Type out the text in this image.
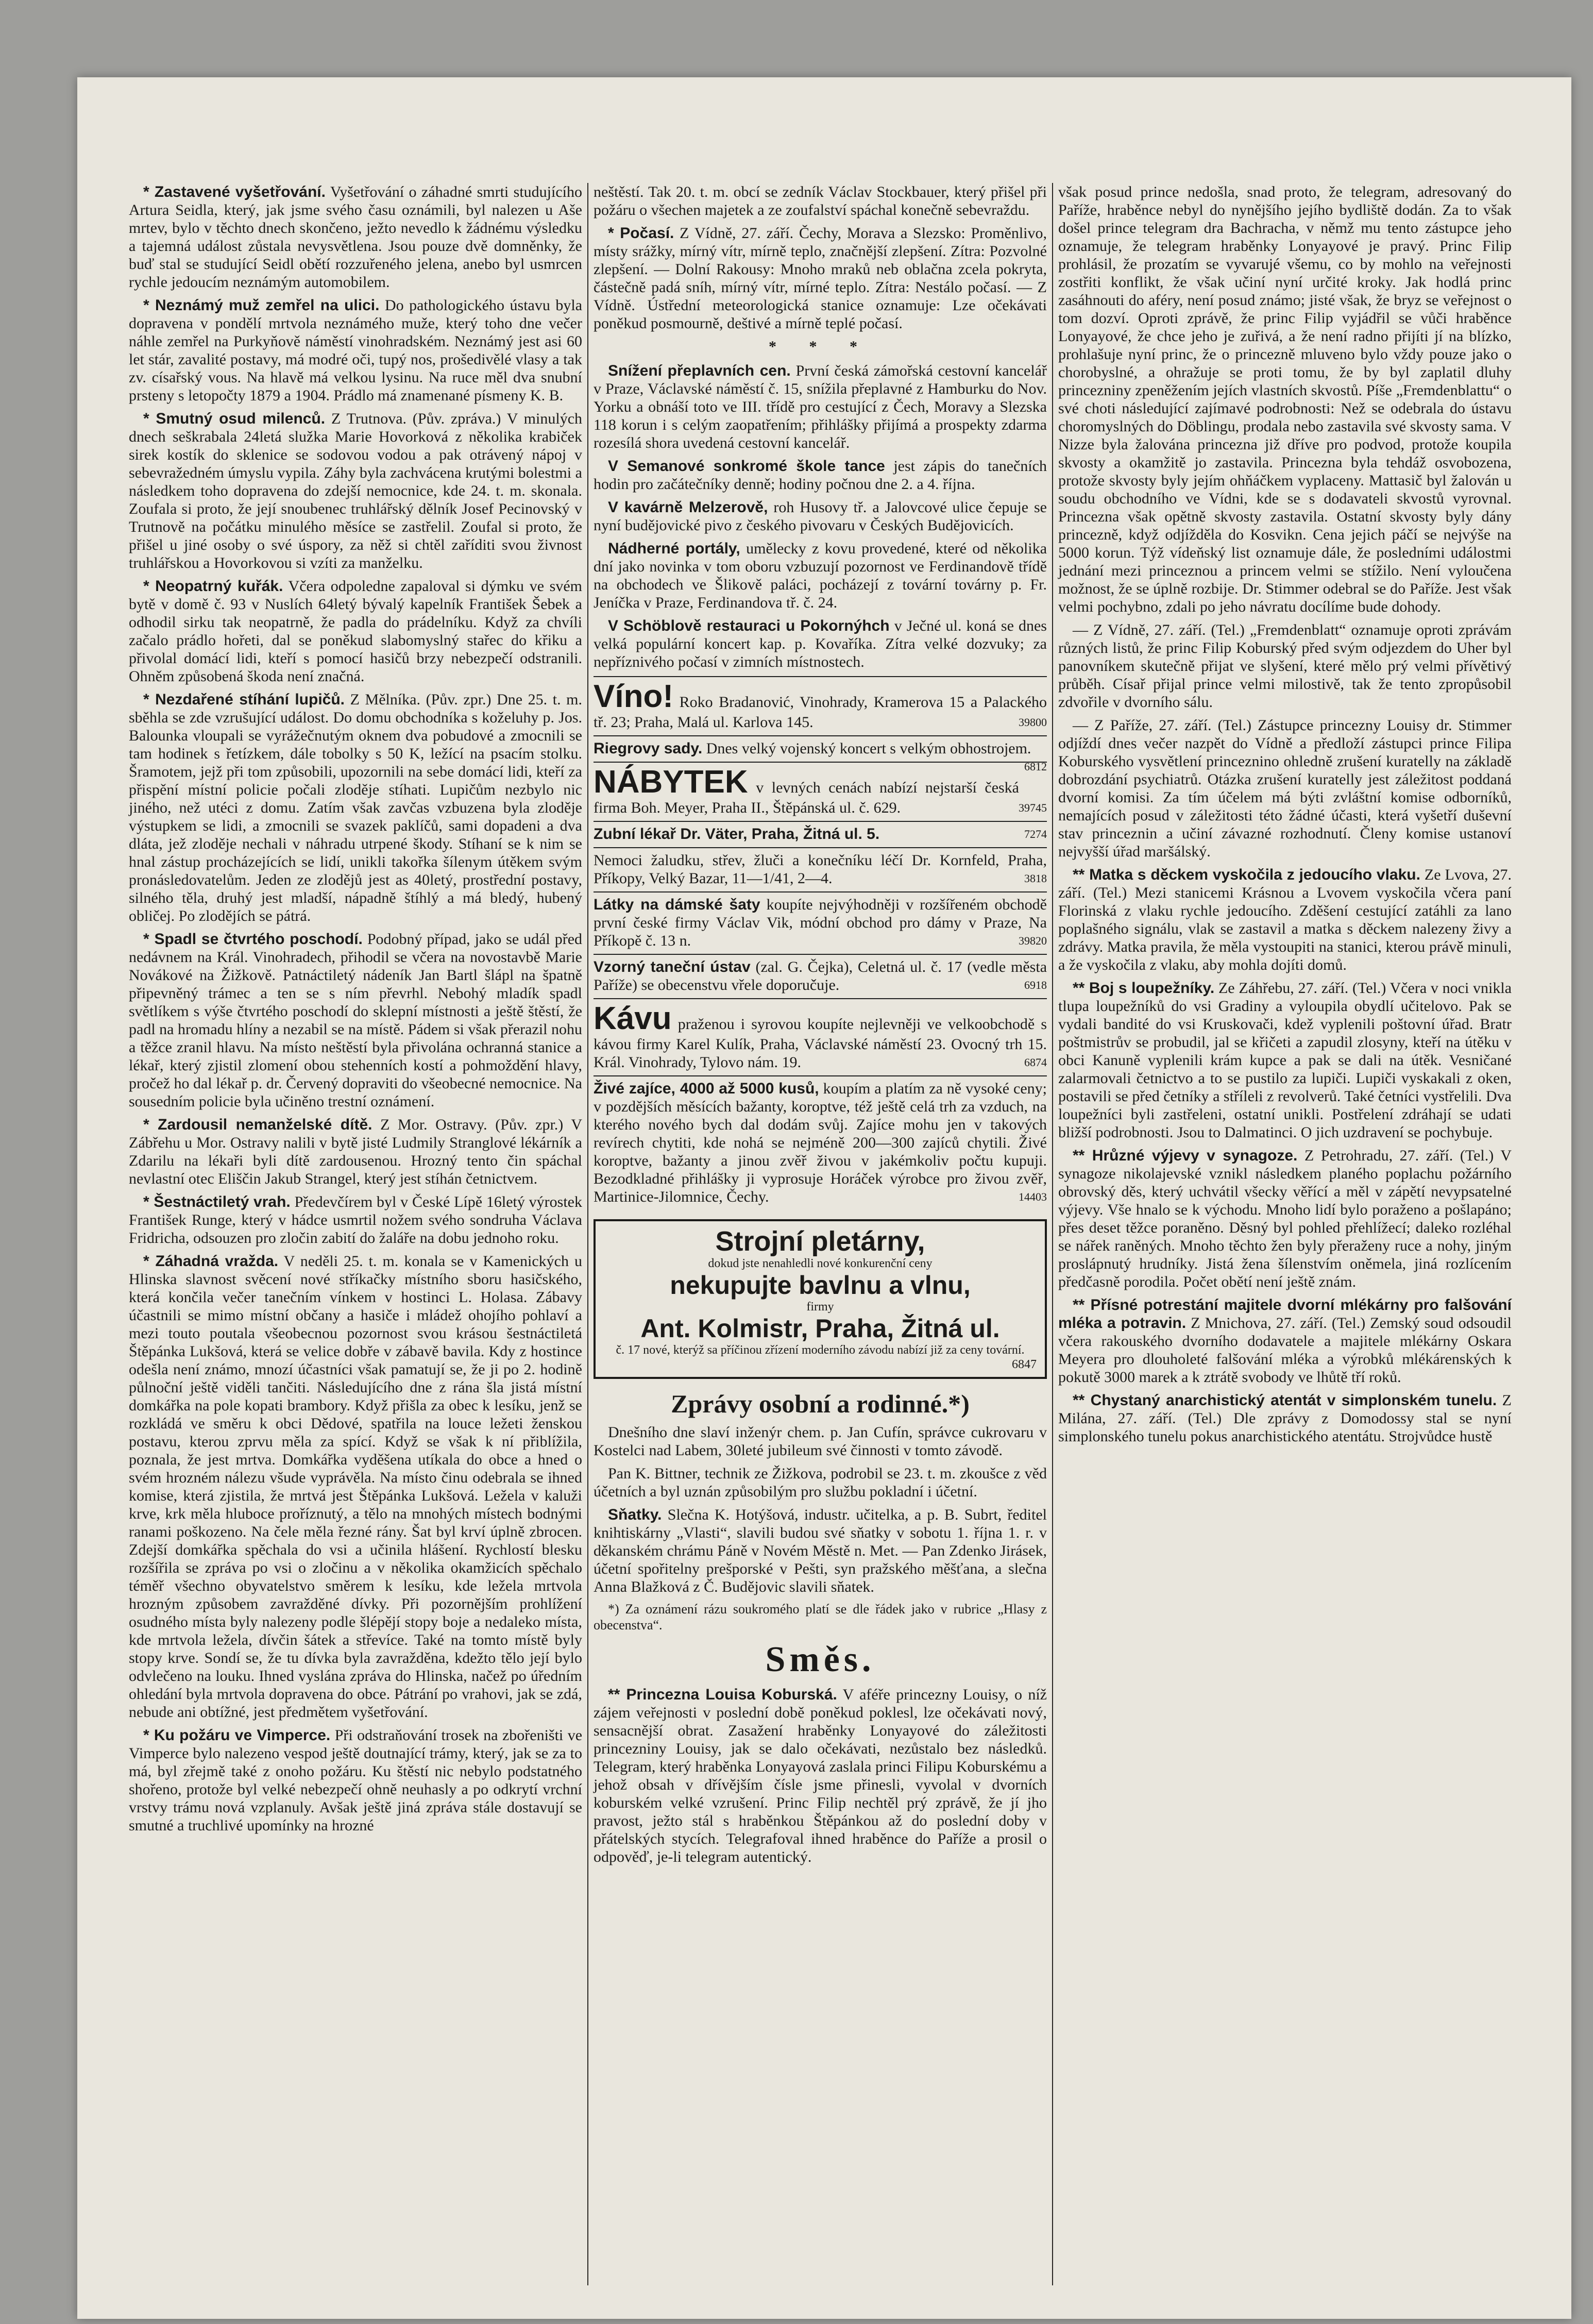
* Zastavené vyšetřování. Vyšetřování o záhadné smrti studujícího Artura Seidla, který, jak jsme svého času oznámili, byl nalezen u Aše mrtev, bylo v těchto dnech skončeno, ježto nevedlo k žádnému výsledku a tajemná událost zůstala nevysvětlena. Jsou pouze dvě domněnky, že buď stal se studující Seidl obětí rozzuřeného jelena, anebo byl usmrcen rychle jedoucím neznámým automobilem.

* Neznámý muž zemřel na ulici. Do pathologického ústavu byla dopravena v pondělí mrtvola neznámého muže, který toho dne večer náhle zemřel na Purkyňově náměstí vinohradském. Neznámý jest asi 60 let stár, zavalité postavy, má modré oči, tupý nos, prošedivělé vlasy a tak zv. císařský vous. Na hlavě má velkou lysinu. Na ruce měl dva snubní prsteny s letopočty 1879 a 1904. Prádlo má znamenané písmeny K. B.

* Smutný osud milenců. Z Trutnova. (Pův. zpráva.) V minulých dnech seškrabala 24letá služka Marie Hovorková z několika krabiček sirek kostík do sklenice se sodovou vodou a pak otrávený nápoj v sebevražedném úmyslu vypila. Záhy byla zachvácena krutými bolestmi a následkem toho dopravena do zdejší nemocnice, kde 24. t. m. skonala. Zoufala si proto, že její snoubenec truhlářský dělník Josef Pecinovský v Trutnově na počátku minulého měsíce se zastřelil. Zoufal si proto, že přišel u jiné osoby o své úspory, za něž si chtěl zaříditi svou živnost truhlářskou a Hovorkovou si vzíti za manželku.

* Neopatrný kuřák. Včera odpoledne zapaloval si dýmku ve svém bytě v domě č. 93 v Nuslích 64letý bývalý kapelník František Šebek a odhodil sirku tak neopatrně, že padla do prádelníku. Když za chvíli začalo prádlo hořeti, dal se poněkud slabomyslný stařec do křiku a přivolal domácí lidi, kteří s pomocí hasičů brzy nebezpečí odstranili. Ohněm způsobená škoda není značná.

* Nezdařené stíhání lupičů. Z Mělníka. (Pův. zpr.) Dne 25. t. m. sběhla se zde vzrušující událost. Do domu obchodníka s koželuhy p. Jos. Balounka vloupali se vyrážečnutým oknem dva pobudové a zmocnili se tam hodinek s řetízkem, dále tobolky s 50 K, ležící na psacím stolku. Šramotem, jejž při tom způsobili, upozornili na sebe domácí lidi, kteří za přispění místní policie počali zloděje stíhati. Lupičům nezbylo nic jiného, než utéci z domu. Zatím však zavčas vzbuzena byla zloděje výstupkem se lidi, a zmocnili se svazek paklíčů, sami dopadeni a dva dláta, jež zloděje nechali v náhradu utrpené škody. Stíhaní se k nim se hnal zástup procházejících se lidí, unikli takořka šílenym útěkem svým pronásledovatelům. Jeden ze zlodějů jest as 40letý, prostřední postavy, silného těla, druhý jest mladší, nápadně štíhlý a má bledý, hubený obličej. Po zlodějích se pátrá.

* Spadl se čtvrtého poschodí. Podobný případ, jako se udál před nedávnem na Král. Vinohradech, přihodil se včera na novostavbě Marie Novákové na Žižkově. Patnáctiletý nádeník Jan Bartl šlápl na špatně připevněný trámec a ten se s ním převrhl. Nebohý mladík spadl světlíkem s výše čtvrtého poschodí do sklepní místnosti a ještě štěstí, že padl na hromadu hlíny a nezabil se na místě. Pádem si však přerazil nohu a těžce zranil hlavu. Na místo neštěstí byla přivolána ochranná stanice a lékař, který zjistil zlomení obou stehenních kostí a pohmoždění hlavy, pročež ho dal lékař p. dr. Červený dopraviti do všeobecné nemocnice. Na sousedním policie byla učiněno trestní oznámení.

* Zardousil nemanželské dítě. Z Mor. Ostravy. (Pův. zpr.) V Zábřehu u Mor. Ostravy nalili v bytě jisté Ludmily Stranglové lékárník a Zdarilu na lékaři byli dítě zardousenou. Hrozný tento čin spáchal nevlastní otec Eliščin Jakub Strangel, který jest stíhán četnictvem.

* Šestnáctiletý vrah. Předevčírem byl v České Lípě 16letý výrostek František Runge, který v hádce usmrtil nožem svého sondruha Václava Fridricha, odsouzen pro zločin zabití do žaláře na dobu jednoho roku.

* Záhadná vražda. V neděli 25. t. m. konala se v Kamenických u Hlinska slavnost svěcení nové stříkačky místního sboru hasičského, která končila večer tanečním vínkem v hostinci L. Holasa. Zábavy účastnili se mimo místní občany a hasiče i mládež ohojího pohlaví a mezi touto poutala všeobecnou pozornost svou krásou šestnáctiletá Štěpánka Lukšová, která se velice dobře v zábavě bavila. Kdy z hostince odešla není známo, mnozí účastníci však pamatují se, že ji po 2. hodině půlnoční ještě viděli tančiti. Následujícího dne z rána šla jistá místní domkářka na pole kopati brambory. Když přišla za obec k lesíku, jenž se rozkládá ve směru k obci Dědové, spatřila na louce ležeti ženskou postavu, kterou zprvu měla za spící. Když se však k ní přiblížila, poznala, že jest mrtva. Domkářka vyděšena utíkala do obce a hned o svém hrozném nálezu všude vyprávěla. Na místo činu odebrala se ihned komise, která zjistila, že mrtvá jest Štěpánka Lukšová. Ležela v kaluži krve, krk měla hluboce proříznutý, a tělo na mnohých místech bodnými ranami poškozeno. Na čele měla řezné rány. Šat byl krví úplně zbrocen. Zdejší domkářka spěchala do vsi a učinila hlášení. Rychlostí blesku rozšířila se zpráva po vsi o zločinu a v několika okamžicích spěchalo téměř všechno obyvatelstvo směrem k lesíku, kde ležela mrtvola hrozným způsobem zavražděné dívky. Při pozornějším prohlížení osudného místa byly nalezeny podle šlépějí stopy boje a nedaleko místa, kde mrtvola ležela, dívčin šátek a střevíce. Také na tomto místě byly stopy krve. Sondí se, že tu dívka byla zavražděna, kdežto tělo její bylo odvlečeno na louku. Ihned vyslána zpráva do Hlinska, načež po úředním ohledání byla mrtvola dopravena do obce. Pátrání po vrahovi, jak se zdá, nebude ani obtížné, jest předmětem vyšetřování.

* Ku požáru ve Vimperce. Při odstraňování trosek na zbořeništi ve Vimperce bylo nalezeno vespod ještě doutnající trámy, který, jak se za to má, byl zřejmě také z onoho požáru. Ku štěstí nic nebylo podstatného shořeno, protože byl velké nebezpečí ohně neuhasly a po odkrytí vrchní vrstvy trámu nová vzplanuly. Avšak ještě jiná zpráva stále dostavují se smutné a truchlivé upomínky na hrozné

neštěstí. Tak 20. t. m. obcí se zedník Václav Stockbauer, který přišel při požáru o všechen majetek a ze zoufalství spáchal konečně sebevraždu.

* Počasí. Z Vídně, 27. září. Čechy, Morava a Slezsko: Proměnlivo, místy srážky, mírný vítr, mírně teplo, značnější zlepšení. Zítra: Pozvolné zlepšení. — Dolní Rakousy: Mnoho mraků neb oblačna zcela pokryta, částečně padá sníh, mírný vítr, mírné teplo. Zítra: Nestálo počasí. — Z Vídně. Ústřední meteorologická stanice oznamuje: Lze očekávati poněkud posmourně, deštivé a mírně teplé počasí.

* * *

Snížení přeplavních cen. První česká zámořská cestovní kancelář v Praze, Václavské náměstí č. 15, snížila přeplavné z Hamburku do Nov. Yorku a obnáší toto ve III. třídě pro cestující z Čech, Moravy a Slezska 118 korun i s celým zaopatřením; přihlášky přijímá a prospekty zdarma rozesílá shora uvedená cestovní kancelář.

V Semanové sonkromé škole tance jest zápis do tanečních hodin pro začátečníky denně; hodiny počnou dne 2. a 4. října.

V kavárně Melzerově, roh Husovy tř. a Jalovcové ulice čepuje se nyní budějovické pivo z českého pivovaru v Českých Budějovicích.

Nádherné portály, umělecky z kovu provedené, které od několika dní jako novinka v tom oboru vzbuzují pozornost ve Ferdinandově třídě na obchodech ve Šlikově paláci, pocházejí z tovární továrny p. Fr. Jeníčka v Praze, Ferdinandova tř. č. 24.

V Schöblově restauraci u Pokornýhch v Ječné ul. koná se dnes velká populární koncert kap. p. Kovaříka. Zítra velké dozvuky; za nepříznivého počasí v zimních místnostech.

Víno! Roko Bradanović, Vinohrady, Kramerova 15 a Palackého tř. 23; Praha, Malá ul. Karlova 145.	39800
Riegrovy sady. Dnes velký vojenský koncert s velkým obhostrojem.
6812
NÁBYTEK v levných cenách nabízí nejstarší česká firma Boh. Meyer, Praha II., Štěpánská ul. č. 629.	39745
Zubní lékař Dr. Väter, Praha, Žitná ul. 5.	7274
Nemoci žaludku, střev, žluči a konečníku léčí Dr. Kornfeld, Praha, Příkopy, Velký Bazar, 11—1/41, 2—4.	3818
Látky na dámské šaty koupíte nejvýhodněji v rozšířeném obchodě první české firmy Václav Vik, módní obchod pro dámy v Praze, Na Příkopě č. 13 n.	39820
Vzorný taneční ústav (zal. G. Čejka), Celetná ul. č. 17 (vedle města Paříže) se obecenstvu vřele doporučuje.	6918
Kávu praženou i syrovou koupíte nejlevněji ve velkoobchodě s kávou firmy Karel Kulík, Praha, Václavské náměstí 23. Ovocný trh 15. Král. Vinohrady, Tylovo nám. 19.	6874
Živé zajíce, 4000 až 5000 kusů, koupím a platím za ně vysoké ceny; v pozdějších měsících bažanty, koroptve, též ještě celá trh za vzduch, na kterého nového bych dal dodám svůj. Zajíce mohu jen v takových revírech chytiti, kde nohá se nejméně 200—300 zajíců chytili. Živé koroptve, bažanty a jinou zvěř živou v jakémkoliv počtu kupuji. Bezodkladné přihlášky ji vyprosuje Horáček výrobce pro živou zvěř, Martinice-Jilomnice, Čechy.	14403
Strojní pletárny,
dokud jste nenahledli nové konkurenční ceny
nekupujte bavlnu a vlnu,
firmy
Ant. Kolmistr, Praha, Žitná ul.
č. 17 nové, kterýž sa příčinou zřízení moderního závodu nabízí již za ceny tovární.
6847
Zprávy osobní a rodinné.*)

Dnešního dne slaví inženýr chem. p. Jan Cufín, správce cukrovaru v Kostelci nad Labem, 30leté jubileum své činnosti v tomto závodě.

Pan K. Bittner, technik ze Žižkova, podrobil se 23. t. m. zkoušce z věd účetních a byl uznán způsobilým pro službu pokladní i účetní.

Sňatky. Slečna K. Hotýšová, industr. učitelka, a p. B. Subrt, ředitel knihtiskárny „Vlasti“, slavili budou své sňatky v sobotu 1. října 1. r. v děkanském chrámu Páně v Novém Městě n. Met. — Pan Zdenko Jirásek, účetní spořitelny prešporské v Pešti, syn pražského měšťana, a slečna Anna Blažková z Č. Budějovic slavili sňatek.

*) Za oznámení rázu soukromého platí se dle řádek jako v rubrice „Hlasy z obecenstva“.

Směs.

** Princezna Louisa Koburská. V aféře princezny Louisy, o níž zájem veřejnosti v poslední době poněkud poklesl, lze očekávati nový, sensacnější obrat. Zasažení hraběnky Lonyayové do záležitosti princezniny Louisy, jak se dalo očekávati, nezůstalo bez následků. Telegram, který hraběnka Lonyayová zaslala princi Filipu Koburskému a jehož obsah v dřívějším čísle jsme přinesli, vyvolal v dvorních koburském velké vzrušení. Princ Filip nechtěl prý zprávě, že jí jho pravost, ježto stál s hraběnkou Štěpánkou až do poslední doby v přátelských stycích. Telegrafoval ihned hraběnce do Paříže a prosil o odpověď, je-li telegram autentický.

však posud prince nedošla, snad proto, že telegram, adresovaný do Paříže, hraběnce nebyl do nynějšího jejího bydliště dodán. Za to však došel prince telegram dra Bachracha, v němž mu tento zástupce jeho oznamuje, že telegram hraběnky Lonyayové je pravý. Princ Filip prohlásil, že prozatím se vyvarujé všemu, co by mohlo na veřejnosti zostřiti konflikt, že však učiní nyní určité kroky. Jak hodlá princ zasáhnouti do aféry, není posud známo; jisté však, že bryz se veřejnost o tom dozví. Oproti zprávě, že princ Filip vyjádřil se vůči hraběnce Lonyayové, že chce jeho je zuřivá, a že není radno přijíti jí na blízko, prohlašuje nyní princ, že o princezně mluveno bylo vždy pouze jako o chorobyslné, a ohražuje se proti tomu, že by byl zaplatil dluhy princezniny zpeněžením jejích vlastních skvostů. Píše „Fremdenblattu“ o své choti následující zajímavé podrobnosti: Než se odebrala do ústavu choromyslných do Döblingu, prodala nebo zastavila své skvosty sama. V Nizze byla žalována princezna již dříve pro podvod, protože koupila skvosty a okamžitě jo zastavila. Princezna byla tehdáž osvobozena, protože skvosty byly jejím ohňáčkem vyplaceny. Mattasič byl žalován u soudu obchodního ve Vídni, kde se s dodavateli skvostů vyrovnal. Princezna však opětně skvosty zastavila. Ostatní skvosty byly dány princezně, když odjížděla do Kosvikn. Cena jejich páčí se nejvýše na 5000 korun. Týž vídeňský list oznamuje dále, že posledními událostmi jednání mezi princeznou a princem velmi se stížilo. Není vyloučena možnost, že se úplně rozbije. Dr. Stimmer odebral se do Paříže. Jest však velmi pochybno, zdali po jeho návratu docílíme bude dohody.

— Z Vídně, 27. září. (Tel.) „Fremdenblatt“ oznamuje oproti zprávám různých listů, že princ Filip Koburský před svým odjezdem do Uher byl panovníkem skutečně přijat ve slyšení, které mělo prý velmi přívětivý průběh. Císař přijal prince velmi milostivě, tak že tento zpropůsobil zdvořile v dvorního sálu.

— Z Paříže, 27. září. (Tel.) Zástupce princezny Louisy dr. Stimmer odjíždí dnes večer nazpět do Vídně a předloží zástupci prince Filipa Koburského vysvětlení princeznino ohledně zrušení kuratelly na základě dobrozdání psychiatrů. Otázka zrušení kuratelly jest záležitost poddaná dvorní komisi. Za tím účelem má býti zvláštní komise odborníků, nemajících posud v záležitosti této žádné účasti, která vyšetří duševní stav princeznin a učiní závazné rozhodnutí. Členy komise ustanoví nejvyšší úřad maršálský.

** Matka s děckem vyskočila z jedoucího vlaku. Ze Lvova, 27. září. (Tel.) Mezi stanicemi Krásnou a Lvovem vyskočila včera paní Florinská z vlaku rychle jedoucího. Zděšení cestující zatáhli za lano poplašného signálu, vlak se zastavil a matka s děckem nalezeny živy a zdrávy. Matka pravila, že měla vystoupiti na stanici, kterou právě minuli, a že vyskočila z vlaku, aby mohla dojíti domů.

** Boj s loupežníky. Ze Záhřebu, 27. září. (Tel.) Včera v noci vnikla tlupa loupežníků do vsi Gradiny a vyloupila obydlí učitelovo. Pak se vydali bandité do vsi Kruskovači, kdež vyplenili poštovní úřad. Bratr poštmistrův se probudil, jal se křičeti a zapudil zlosyny, kteří na útěku v obci Kanuně vyplenili krám kupce a pak se dali na útěk. Vesničané zalarmovali četnictvo a to se pustilo za lupiči. Lupiči vyskakali z oken, postavili se před četníky a stříleli z revolverů. Také četníci vystřelili. Dva loupežníci byli zastřeleni, ostatní unikli. Postřelení zdráhají se udati bližší podrobnosti. Jsou to Dalmatinci. O jich uzdravení se pochybuje.

** Hrůzné výjevy v synagoze. Z Petrohradu, 27. září. (Tel.) V synagoze nikolajevské vznikl následkem planého poplachu požárního obrovský děs, který uchvátil všecky věřící a měl v zápětí nevypsatelné výjevy. Vše hnalo se k východu. Mnoho lidí bylo poraženo a pošlapáno; přes deset těžce poraněno. Děsný byl pohled přehlížecí; daleko rozléhal se nářek raněných. Mnoho těchto žen byly přeraženy ruce a nohy, jiným proslápnutý hrudníky. Jistá žena šílenstvím oněmela, jiná rozlícením předčasně porodila. Počet obětí není ještě znám.

** Přísné potrestání majitele dvorní mlékárny pro falšování mléka a potravin. Z Mnichova, 27. září. (Tel.) Zemský soud odsoudil včera rakouského dvorního dodavatele a majitele mlékárny Oskara Meyera pro dlouholeté falšování mléka a výrobků mlékárenských k pokutě 3000 marek a k ztrátě svobody ve lhůtě tří roků.

** Chystaný anarchistický atentát v simplonském tunelu. Z Milána, 27. září. (Tel.) Dle zprávy z Domodossy stal se nyní simplonského tunelu pokus anarchistického atentátu. Strojvůdce hustě
